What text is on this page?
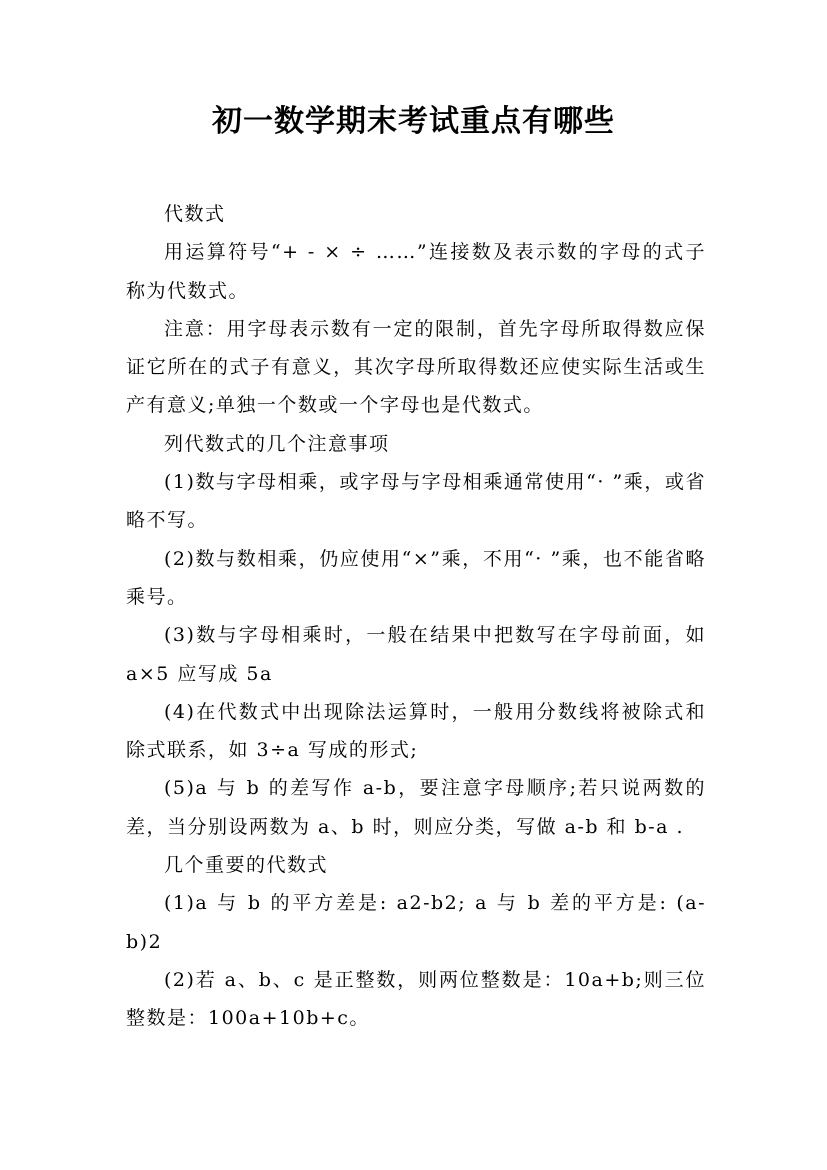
初一数学期末考试重点有哪些

代数式

用运算符号“+ - × ÷ ……”连接数及表示数的字母的式子称为代数式。

注意：用字母表示数有一定的限制，首先字母所取得数应保证它所在的式子有意义，其次字母所取得数还应使实际生活或生产有意义;单独一个数或一个字母也是代数式。

列代数式的几个注意事项

(1)数与字母相乘，或字母与字母相乘通常使用“· ”乘，或省略不写。

(2)数与数相乘，仍应使用“×”乘，不用“· ”乘，也不能省略乘号。

(3)数与字母相乘时，一般在结果中把数写在字母前面，如 a×5 应写成 5a

(4)在代数式中出现除法运算时，一般用分数线将被除式和除式联系，如 3÷a 写成的形式;

(5)a 与 b 的差写作 a-b，要注意字母顺序;若只说两数的差，当分别设两数为 a、b 时，则应分类，写做 a-b 和 b-a .

几个重要的代数式

(1)a 与 b 的平方差是: a2-b2; a 与 b 差的平方是: (a-b)2

(2)若 a、b、c 是正整数，则两位整数是：10a+b;则三位整数是：100a+10b+c。
